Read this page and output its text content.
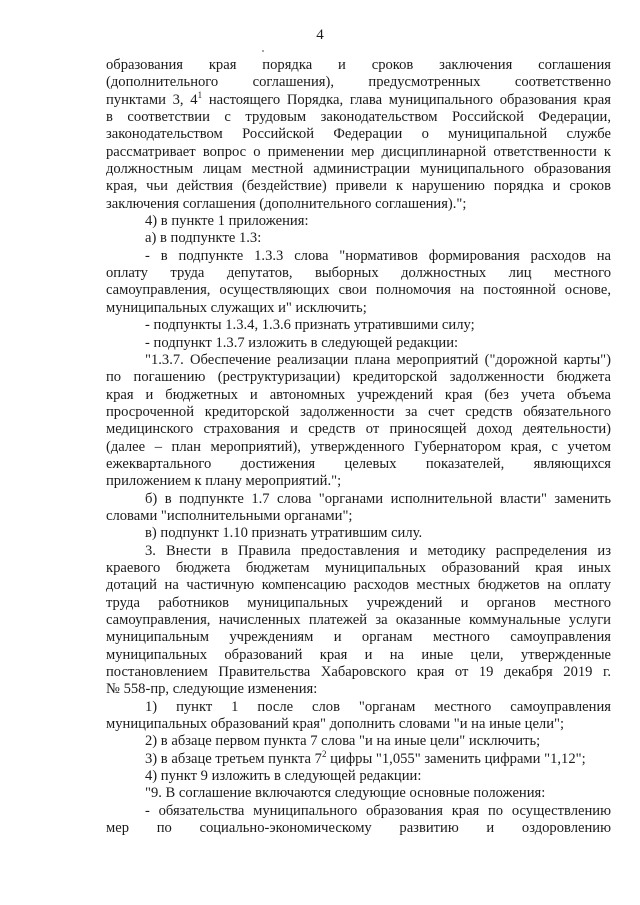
4
образования края порядка и сроков заключения соглашения
(дополнительного соглашения), предусмотренных соответственно
пунктами 3, $4^1$ настоящего Порядка, глава муниципального образования края
в соответствии с трудовым законодательством Российской Федерации,
законодательством Российской Федерации о муниципальной службе
рассматривает вопрос о применении мер дисциплинарной ответственности к
должностным лицам местной администрации муниципального образования
края, чьи действия (бездействие) привели к нарушению порядка и сроков
заключения соглашения (дополнительного соглашения).";
4) в пункте 1 приложения:
а) в подпункте 1.3:
- в подпункте 1.3.3 слова "нормативов формирования расходов на
оплату труда депутатов, выборных должностных лиц местного
самоуправления, осуществляющих свои полномочия на постоянной основе,
муниципальных служащих и" исключить;
- подпункты 1.3.4, 1.3.6 признать утратившими силу;
- подпункт 1.3.7 изложить в следующей редакции:
"1.3.7. Обеспечение реализации плана мероприятий ("дорожной карты")
по погашению (реструктуризации) кредиторской задолженности бюджета
края и бюджетных и автономных учреждений края (без учета объема
просроченной кредиторской задолженности за счет средств обязательного
медицинского страхования и средств от приносящей доход деятельности)
(далее – план мероприятий), утвержденного Губернатором края, с учетом
ежеквартального достижения целевых показателей, являющихся
приложением к плану мероприятий.";
б) в подпункте 1.7 слова "органами исполнительной власти" заменить
словами "исполнительными органами";
в) подпункт 1.10 признать утратившим силу.
3. Внести в Правила предоставления и методику распределения из
краевого бюджета бюджетам муниципальных образований края иных
дотаций на частичную компенсацию расходов местных бюджетов на оплату
труда работников муниципальных учреждений и органов местного
самоуправления, начисленных платежей за оказанные коммунальные услуги
муниципальным учреждениям и органам местного самоуправления
муниципальных образований края и на иные цели, утвержденные
постановлением Правительства Хабаровского края от 19 декабря 2019 г.
№ 558-пр, следующие изменения:
1) пункт 1 после слов "органам местного самоуправления
муниципальных образований края" дополнить словами "и на иные цели";
2) в абзаце первом пункта 7 слова "и на иные цели" исключить;
3) в абзаце третьем пункта $7^2$ цифры "1,055" заменить цифрами "1,12";
4) пункт 9 изложить в следующей редакции:
"9. В соглашение включаются следующие основные положения:
- обязательства муниципального образования края по осуществлению
мер по социально-экономическому развитию и оздоровлению
